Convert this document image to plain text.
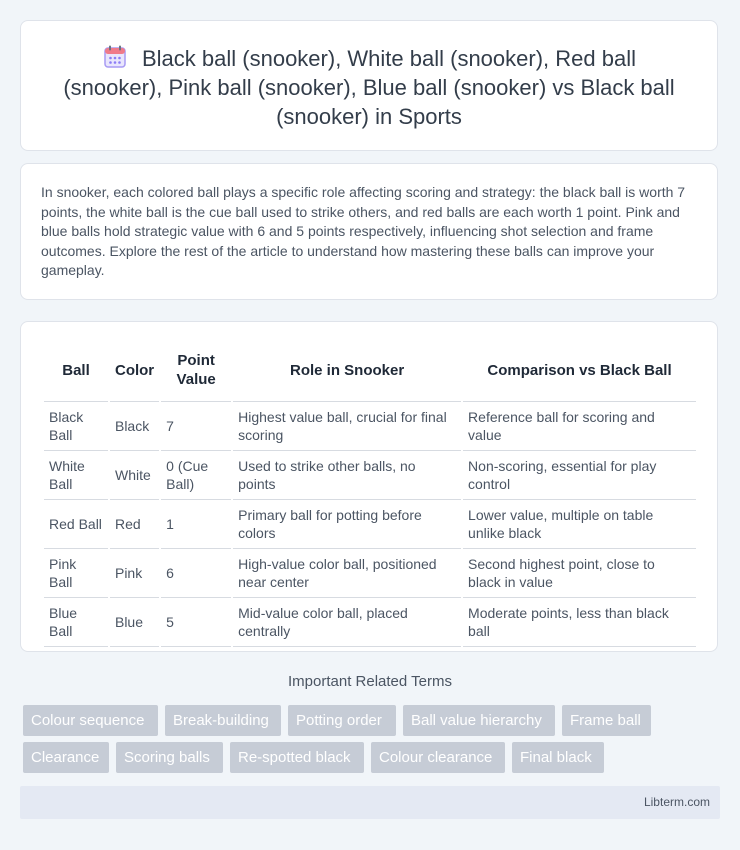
Black ball (snooker), White ball (snooker), Red ball (snooker), Pink ball (snooker), Blue ball (snooker) vs Black ball (snooker) in Sports

In snooker, each colored ball plays a specific role affecting scoring and strategy: the black ball is worth 7 points, the white ball is the cue ball used to strike others, and red balls are each worth 1 point. Pink and blue balls hold strategic value with 6 and 5 points respectively, influencing shot selection and frame outcomes. Explore the rest of the article to understand how mastering these balls can improve your gameplay.

Ball	Color	Point Value	Role in Snooker	Comparison vs Black Ball
Black Ball	Black	7	Highest value ball, crucial for final scoring	Reference ball for scoring and value
White Ball	White	0 (Cue Ball)	Used to strike other balls, no points	Non-scoring, essential for play control
Red Ball	Red	1	Primary ball for potting before colors	Lower value, multiple on table unlike black
Pink Ball	Pink	6	High-value color ball, positioned near center	Second highest point, close to black in value
Blue Ball	Blue	5	Mid-value color ball, placed centrally	Moderate points, less than black ball
Important Related Terms
Colour sequence	Break-building	Potting order	Ball value hierarchy	Frame ball
Clearance	Scoring balls	Re-spotted black	Colour clearance	Final black
Libterm.com
